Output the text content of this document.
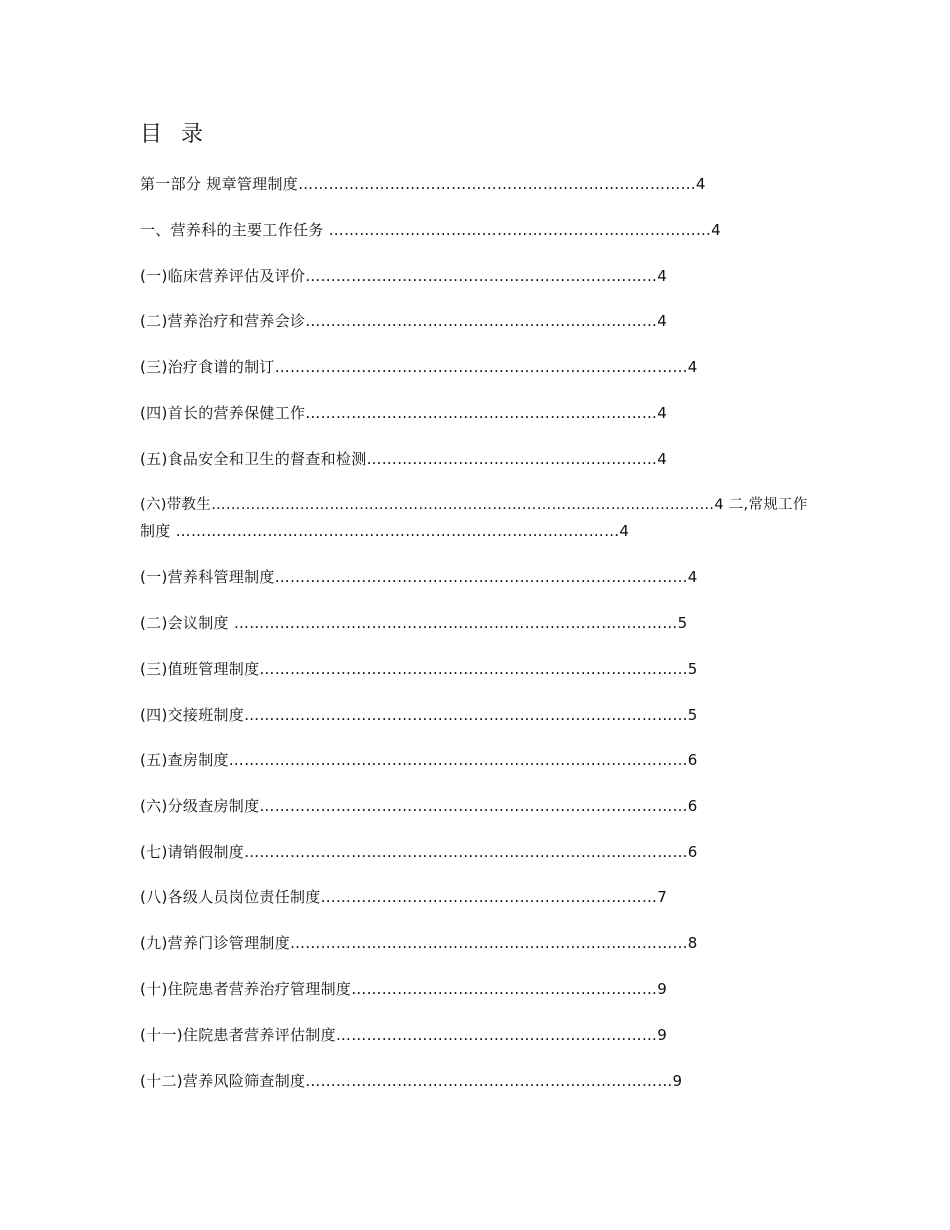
目 录
第一部分 规章管理制度……………………………………………………………………4
一、营养科的主要工作任务 …………………………………………………………………4
(一)临床营养评估及评价……………………………………………………………4
(二)营养治疗和营养会诊……………………………………………………………4
(三)治疗食谱的制订………………………………………………………………………4
(四)首长的营养保健工作……………………………………………………………4
(五)食品安全和卫生的督查和检测…………………………………………………4
(六)带教生…………………………………………………………………………………………4 二,常规工作
制度 ……………………………………………………………………………4
(一)营养科管理制度………………………………………………………………………4
(二)会议制度 ……………………………………………………………………………5
(三)值班管理制度…………………………………………………………………………5
(四)交接班制度……………………………………………………………………………5
(五)查房制度………………………………………………………………………………6
(六)分级查房制度…………………………………………………………………………6
(七)请销假制度……………………………………………………………………………6
(八)各级人员岗位责任制度…………………………………………………………7
(九)营养门诊管理制度……………………………………………………………………8
(十)住院患者营养治疗管理制度……………………………………………………9
(十一)住院患者营养评估制度………………………………………………………9
(十二)营养风险筛查制度………………………………………………………………9
